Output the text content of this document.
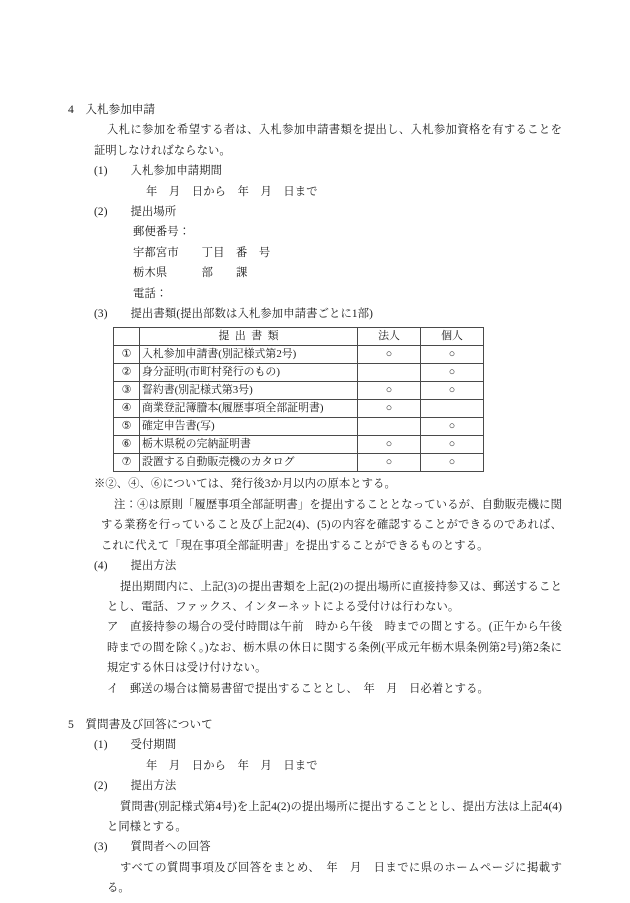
4　 入札参加申請
入札に参加を希望する者は、入札参加申請書類を提出し、入札参加資格を有することを証明しなければならない。
(1)　　 入札参加申請期間
年　月　日から　年　月　日まで
(2)　　 提出場所
郵便番号：
宇都宮市　　丁目　番　号
栃木県　　　部　　課
電話：
(3)　　 提出書類(提出部数は入札参加申請書ごとに1部)
	提出書類	法人	個人
①	入札参加申請書(別記様式第2号)	○	○
②	身分証明(市町村発行のもの)		○
③	誓約書(別記様式第3号)	○	○
④	商業登記簿謄本(履歴事項全部証明書)	○	
⑤	確定申告書(写)		○
⑥	栃木県税の完納証明書	○	○
⑦	設置する自動販売機のカタログ	○	○
※②、④、⑥については、発行後3か月以内の原本とする。
注：④は原則「履歴事項全部証明書」を提出することとなっているが、自動販売機に関する業務を行っていること及び上記2(4)、(5)の内容を確認することができるのであれば、これに代えて「現在事項全部証明書」を提出することができるものとする。
(4)　　 提出方法
提出期間内に、上記(3)の提出書類を上記(2)の提出場所に直接持参又は、郵送することとし、電話、ファックス、インターネットによる受付けは行わない。
ア　 直接持参の場合の受付時間は午前　時から午後　時までの間とする。(正午から午後　時までの間を除く。)なお、栃木県の休日に関する条例(平成元年栃木県条例第2号)第2条に規定する休日は受け付けない。
イ　 郵送の場合は簡易書留で提出することとし、　年　月　日必着とする。
5　 質問書及び回答について
(1)　　 受付期間
年　月　日から　年　月　日まで
(2)　　 提出方法
質問書(別記様式第4号)を上記4(2)の提出場所に提出することとし、提出方法は上記4(4)と同様とする。
(3)　　 質問者への回答
すべての質問事項及び回答をまとめ、　年　月　日までに県のホームページに掲載する。
